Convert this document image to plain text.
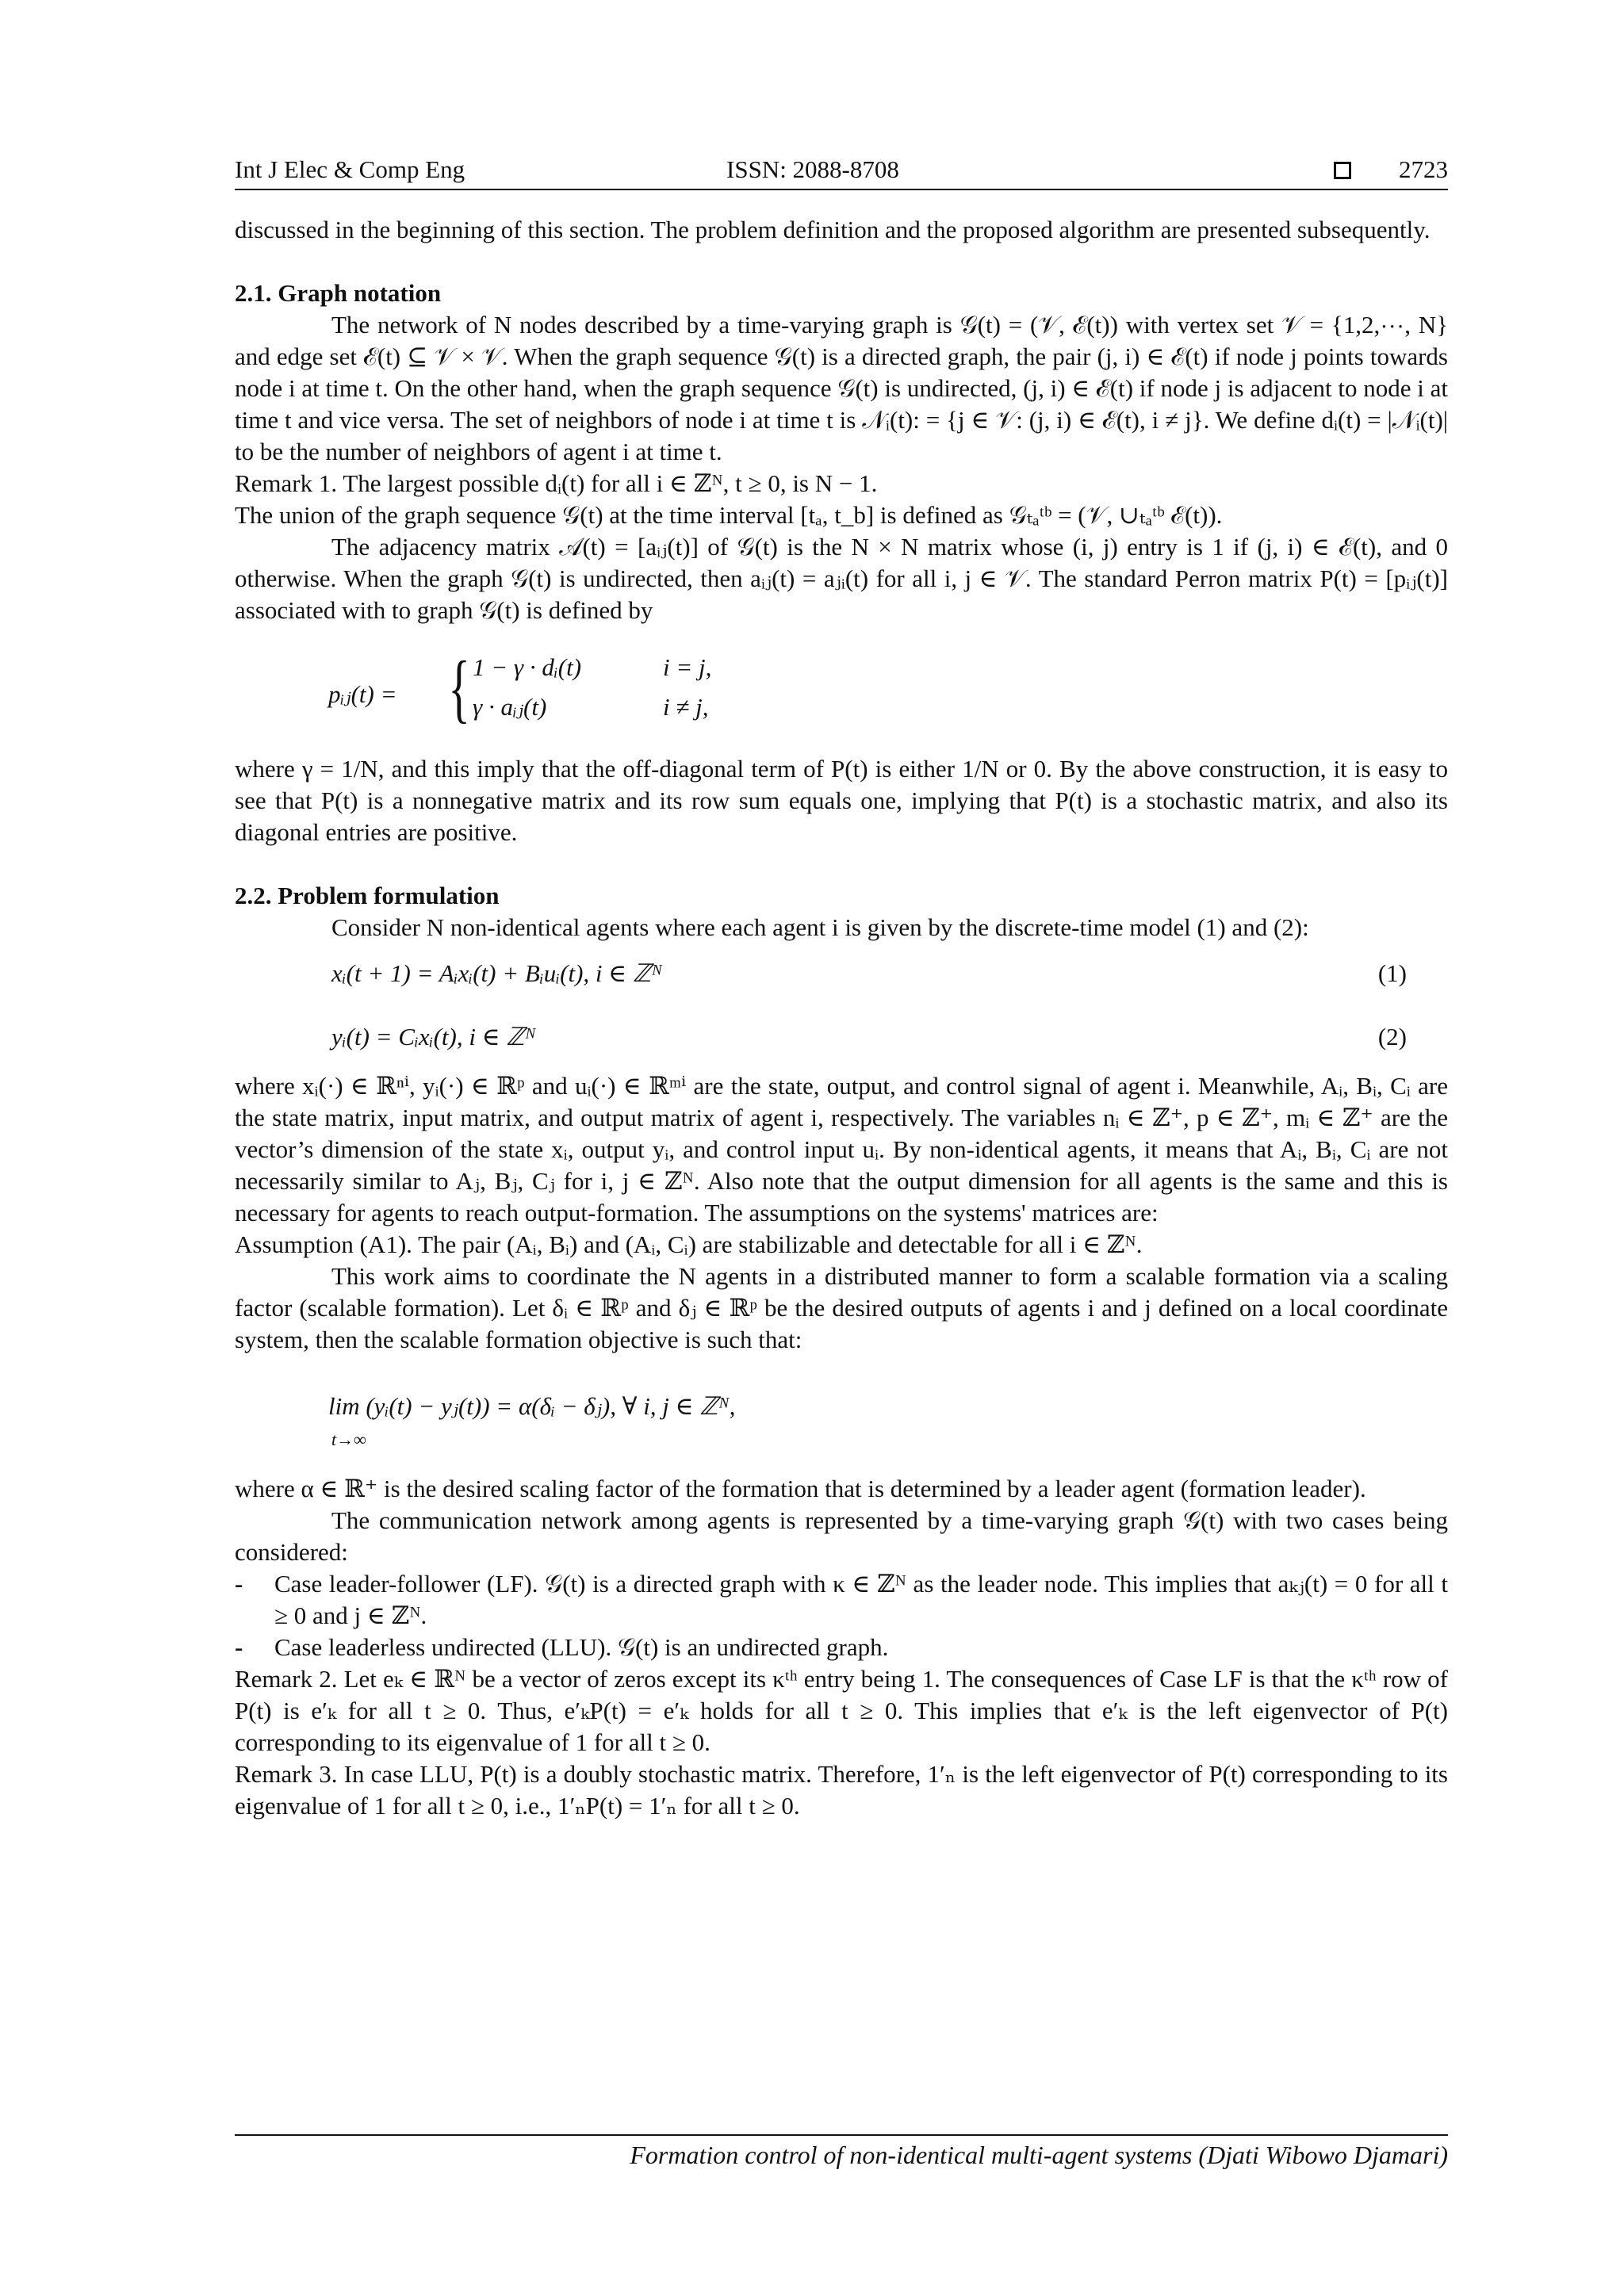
Int J Elec & Comp Eng	ISSN: 2088-8708	2723

discussed in the beginning of this section. The problem definition and the proposed algorithm are presented subsequently.

2.1. Graph notation

The network of N nodes described by a time-varying graph is 𝒢(t) = (𝒱, ℰ(t)) with vertex set 𝒱 = {1,2,⋯, N} and edge set ℰ(t) ⊆ 𝒱 × 𝒱. When the graph sequence 𝒢(t) is a directed graph, the pair (j, i) ∈ ℰ(t) if node j points towards node i at time t. On the other hand, when the graph sequence 𝒢(t) is undirected, (j, i) ∈ ℰ(t) if node j is adjacent to node i at time t and vice versa. The set of neighbors of node i at time t is 𝒩ᵢ(t): = {j ∈ 𝒱: (j, i) ∈ ℰ(t), i ≠ j}. We define dᵢ(t) = |𝒩ᵢ(t)| to be the number of neighbors of agent i at time t.

Remark 1. The largest possible dᵢ(t) for all i ∈ ℤᴺ, t ≥ 0, is N − 1.

The union of the graph sequence 𝒢(t) at the time interval [tₐ, t_b] is defined as 𝒢ₜₐᵗᵇ = (𝒱, ∪ₜₐᵗᵇ ℰ(t)).

The adjacency matrix 𝒜(t) = [aᵢⱼ(t)] of 𝒢(t) is the N × N matrix whose (i, j) entry is 1 if (j, i) ∈ ℰ(t), and 0 otherwise. When the graph 𝒢(t) is undirected, then aᵢⱼ(t) = aⱼᵢ(t) for all i, j ∈ 𝒱. The standard Perron matrix P(t) = [pᵢⱼ(t)] associated with to graph 𝒢(t) is defined by

pᵢⱼ(t) = { 1 − γ · dᵢ(t)	i = j,
γ · aᵢⱼ(t)	i ≠ j,

where γ = 1/N, and this imply that the off-diagonal term of P(t) is either 1/N or 0. By the above construction, it is easy to see that P(t) is a nonnegative matrix and its row sum equals one, implying that P(t) is a stochastic matrix, and also its diagonal entries are positive.

2.2. Problem formulation

Consider N non-identical agents where each agent i is given by the discrete-time model (1) and (2):

xᵢ(t + 1) = Aᵢxᵢ(t) + Bᵢuᵢ(t), i ∈ ℤᴺ	(1)
yᵢ(t) = Cᵢxᵢ(t), i ∈ ℤᴺ	(2)

where xᵢ(·) ∈ ℝⁿⁱ, yᵢ(·) ∈ ℝᵖ and uᵢ(·) ∈ ℝᵐⁱ are the state, output, and control signal of agent i. Meanwhile, Aᵢ, Bᵢ, Cᵢ are the state matrix, input matrix, and output matrix of agent i, respectively. The variables nᵢ ∈ ℤ⁺, p ∈ ℤ⁺, mᵢ ∈ ℤ⁺ are the vector’s dimension of the state xᵢ, output yᵢ, and control input uᵢ. By non-identical agents, it means that Aᵢ, Bᵢ, Cᵢ are not necessarily similar to Aⱼ, Bⱼ, Cⱼ for i, j ∈ ℤᴺ. Also note that the output dimension for all agents is the same and this is necessary for agents to reach output-formation. The assumptions on the systems' matrices are:

Assumption (A1). The pair (Aᵢ, Bᵢ) and (Aᵢ, Cᵢ) are stabilizable and detectable for all i ∈ ℤᴺ.

This work aims to coordinate the N agents in a distributed manner to form a scalable formation via a scaling factor (scalable formation). Let δᵢ ∈ ℝᵖ and δⱼ ∈ ℝᵖ be the desired outputs of agents i and j defined on a local coordinate system, then the scalable formation objective is such that:

lim (yᵢ(t) − yⱼ(t)) = α(δᵢ − δⱼ), ∀ i, j ∈ ℤᴺ,
t→∞

where α ∈ ℝ⁺ is the desired scaling factor of the formation that is determined by a leader agent (formation leader).

The communication network among agents is represented by a time-varying graph 𝒢(t) with two cases being considered:

- Case leader-follower (LF). 𝒢(t) is a directed graph with κ ∈ ℤᴺ as the leader node. This implies that aₖⱼ(t) = 0 for all t ≥ 0 and j ∈ ℤᴺ.
- Case leaderless undirected (LLU). 𝒢(t) is an undirected graph.

Remark 2. Let eₖ ∈ ℝᴺ be a vector of zeros except its κᵗʰ entry being 1. The consequences of Case LF is that the κᵗʰ row of P(t) is e′ₖ for all t ≥ 0. Thus, e′ₖP(t) = e′ₖ holds for all t ≥ 0. This implies that e′ₖ is the left eigenvector of P(t) corresponding to its eigenvalue of 1 for all t ≥ 0.

Remark 3. In case LLU, P(t) is a doubly stochastic matrix. Therefore, 1′ₙ is the left eigenvector of P(t) corresponding to its eigenvalue of 1 for all t ≥ 0, i.e., 1′ₙP(t) = 1′ₙ for all t ≥ 0.

Formation control of non-identical multi-agent systems (Djati Wibowo Djamari)
